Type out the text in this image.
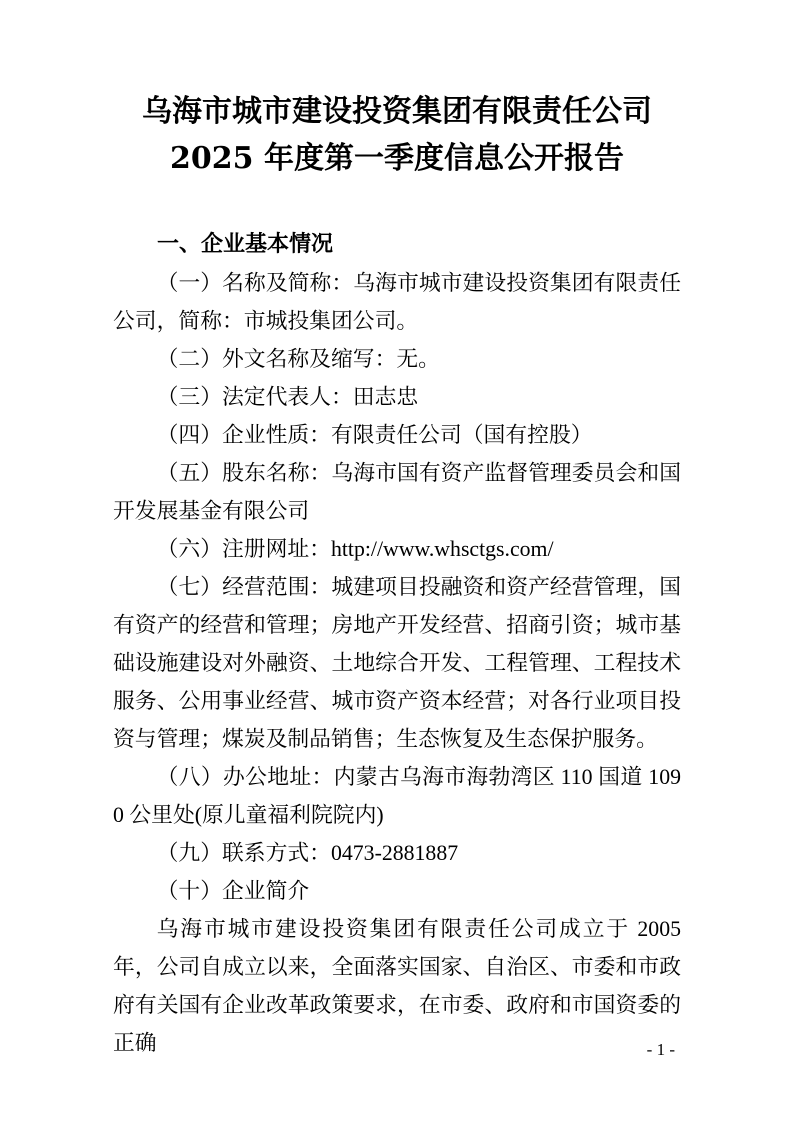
乌海市城市建设投资集团有限责任公司
2025 年度第一季度信息公开报告
一、企业基本情况

（一）名称及简称：乌海市城市建设投资集团有限责任公司，简称：市城投集团公司。

（二）外文名称及缩写：无。

（三）法定代表人：田志忠

（四）企业性质：有限责任公司（国有控股）

（五）股东名称：乌海市国有资产监督管理委员会和国开发展基金有限公司

（六）注册网址：http://www.whsctgs.com/

（七）经营范围：城建项目投融资和资产经营管理，国有资产的经营和管理；房地产开发经营、招商引资；城市基础设施建设对外融资、土地综合开发、工程管理、工程技术服务、公用事业经营、城市资产资本经营；对各行业项目投资与管理；煤炭及制品销售；生态恢复及生态保护服务。

（八）办公地址：内蒙古乌海市海勃湾区 110 国道 1090 公里处(原儿童福利院院内)

（九）联系方式：0473-2881887

（十）企业简介

乌海市城市建设投资集团有限责任公司成立于 2005 年，公司自成立以来，全面落实国家、自治区、市委和市政府有关国有企业改革政策要求，在市委、政府和市国资委的正确	- 1 -
